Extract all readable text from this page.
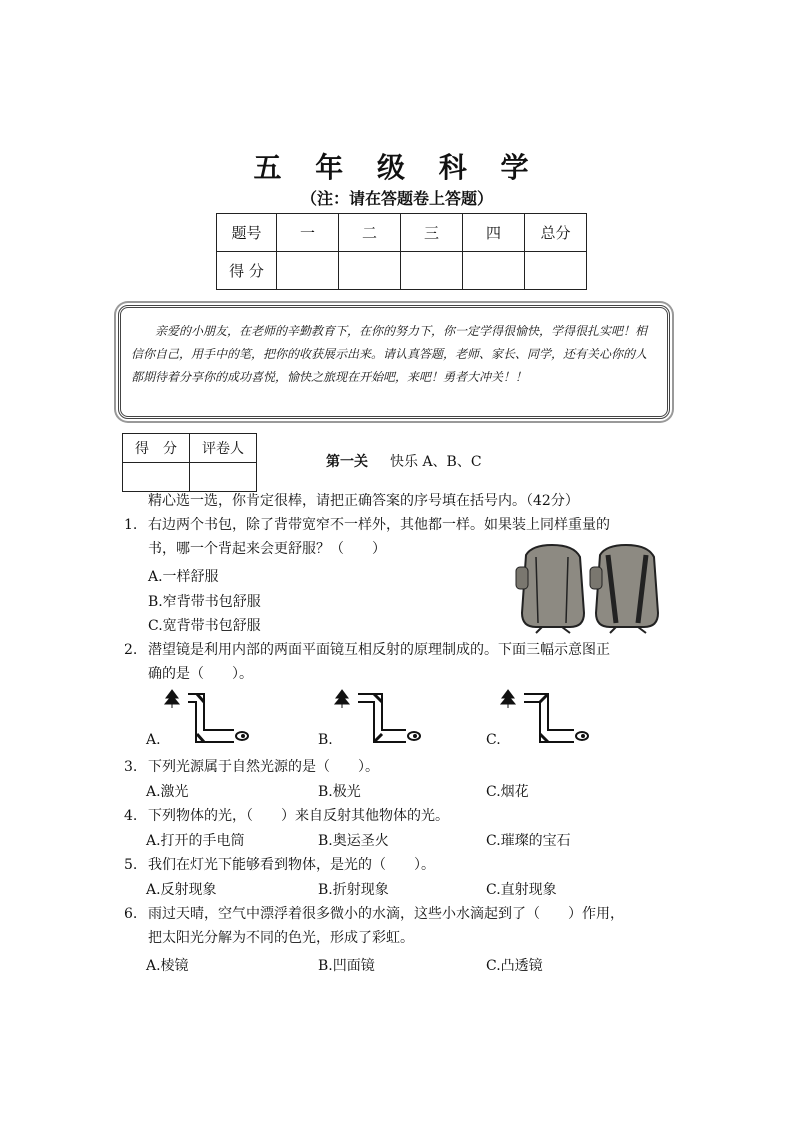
五 年 级 科 学
（注：请在答题卷上答题）
题号	一	二	三	四	总分
得 分					
亲爱的小朋友，在老师的辛勤教育下，在你的努力下，你一定学得很愉快，学得很扎实吧！相信你自己，用手中的笔，把你的收获展示出来。请认真答题，老师、家长、同学，还有关心你的人都期待着分享你的成功喜悦，愉快之旅现在开始吧，来吧！勇者大冲关！！
得　分	评卷人

第一关 快乐 A、B、C
精心选一选，你肯定很棒，请把正确答案的序号填在括号内。（42分）
1. 右边两个书包，除了背带宽窄不一样外，其他都一样。如果装上同样重量的
书，哪一个背起来会更舒服？（　　）
A.一样舒服
B.窄背带书包舒服
C.宽背带书包舒服
2. 潜望镜是利用内部的两面平面镜互相反射的原理制成的。下面三幅示意图正
确的是（　　）。
A.	B.	C.
3. 下列光源属于自然光源的是（　　）。
A.激光	B.极光	C.烟花
4. 下列物体的光，（　　）来自反射其他物体的光。
A.打开的手电筒	B.奥运圣火	C.璀璨的宝石
5. 我们在灯光下能够看到物体，是光的（　　）。
A.反射现象	B.折射现象	C.直射现象
6. 雨过天晴，空气中漂浮着很多微小的水滴，这些小水滴起到了（　　）作用，
把太阳光分解为不同的色光，形成了彩虹。
A.棱镜	B.凹面镜	C.凸透镜
